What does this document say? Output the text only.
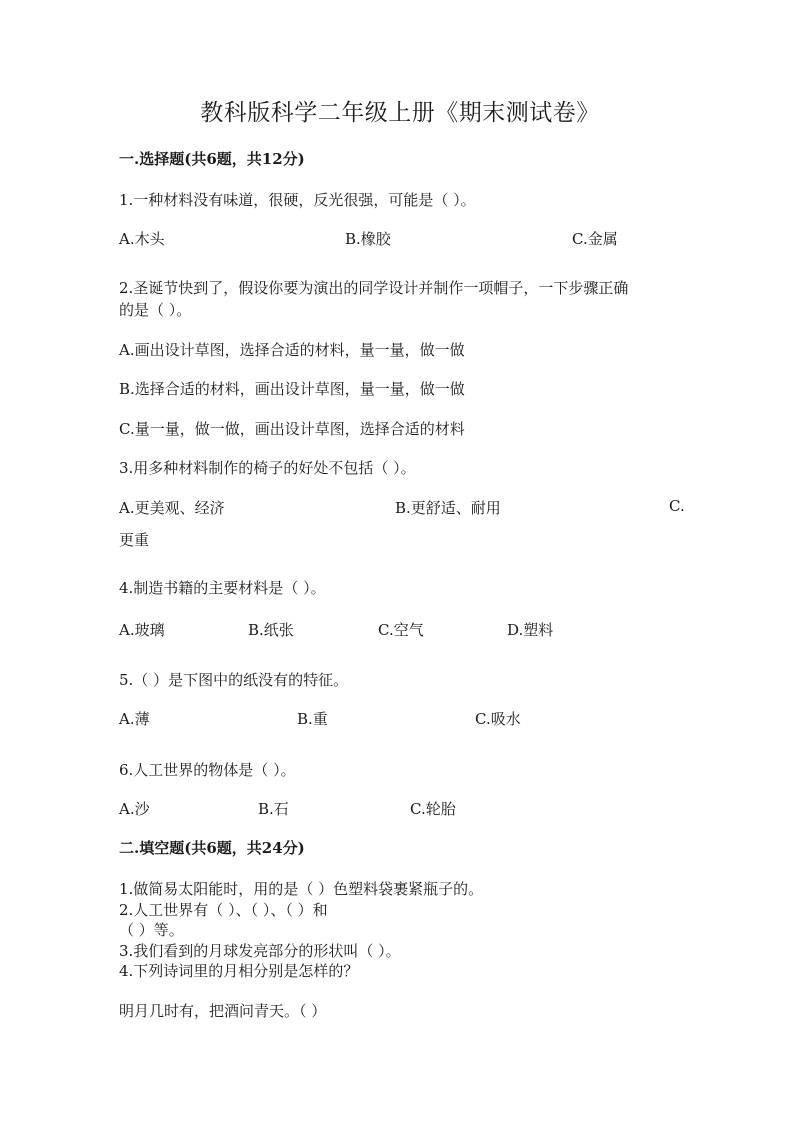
教科版科学二年级上册《期末测试卷》
一.选择题(共6题，共12分)
1.一种材料没有味道，很硬，反光很强，可能是（ ）。
A.木头	B.橡胶	C.金属
2.圣诞节快到了，假设你要为演出的同学设计并制作一项帽子，一下步骤正确
的是（ ）。
A.画出设计草图，选择合适的材料，量一量，做一做
B.选择合适的材料，画出设计草图，量一量，做一做
C.量一量，做一做，画出设计草图，选择合适的材料
3.用多种材料制作的椅子的好处不包括（ ）。
A.更美观、经济	B.更舒适、耐用	C.
更重
4.制造书籍的主要材料是（ ）。
A.玻璃	B.纸张	C.空气	D.塑料
5.（ ）是下图中的纸没有的特征。
A.薄	B.重	C.吸水
6.人工世界的物体是（ ）。
A.沙	B.石	C.轮胎
二.填空题(共6题，共24分)
1.做简易太阳能时，用的是（ ）色塑料袋裹紧瓶子的。
2.人工世界有（ ）、（ ）、（ ）和
（ ）等。
3.我们看到的月球发亮部分的形状叫（ ）。
4.下列诗词里的月相分别是怎样的？
明月几时有，把酒问青天。（ ）
